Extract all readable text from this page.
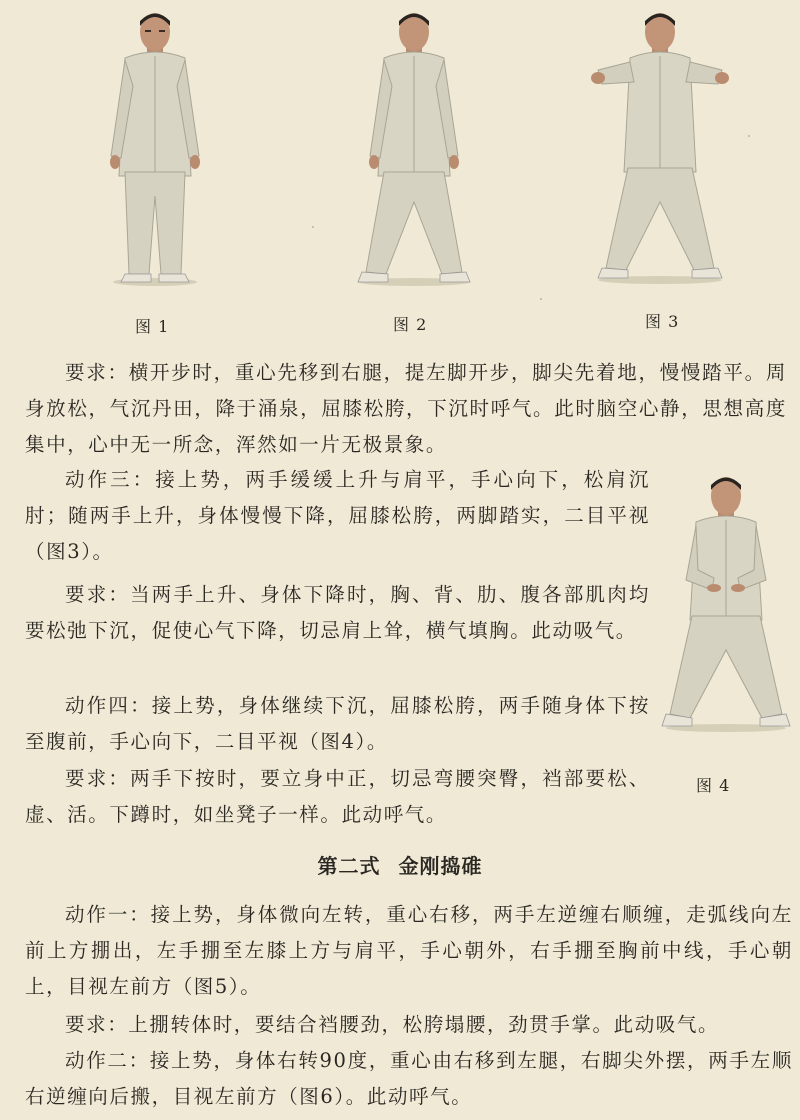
图 1	图 2	图 3
图 4

要求：横开步时，重心先移到右腿，提左脚开步，脚尖先着地，慢慢踏平。周身放松，气沉丹田，降于涌泉，屈膝松胯，下沉时呼气。此时脑空心静，思想高度集中，心中无一所念，浑然如一片无极景象。

动作三：接上势，两手缓缓上升与肩平，手心向下，松肩沉肘；随两手上升，身体慢慢下降，屈膝松胯，两脚踏实，二目平视（图3）。

要求：当两手上升、身体下降时，胸、背、肋、腹各部肌肉均要松弛下沉，促使心气下降，切忌肩上耸，横气填胸。此动吸气。

动作四：接上势，身体继续下沉，屈膝松胯，两手随身体下按至腹前，手心向下，二目平视（图4）。

要求：两手下按时，要立身中正，切忌弯腰突臀，裆部要松、虚、活。下蹲时，如坐凳子一样。此动呼气。

第二式 金刚捣碓

动作一：接上势，身体微向左转，重心右移，两手左逆缠右顺缠，走弧线向左前上方掤出，左手掤至左膝上方与肩平，手心朝外，右手掤至胸前中线，手心朝上，目视左前方（图5）。

要求：上掤转体时，要结合裆腰劲，松胯塌腰，劲贯手掌。此动吸气。

动作二：接上势，身体右转90度，重心由右移到左腿，右脚尖外摆，两手左顺右逆缠向后搬，目视左前方（图6）。此动呼气。
